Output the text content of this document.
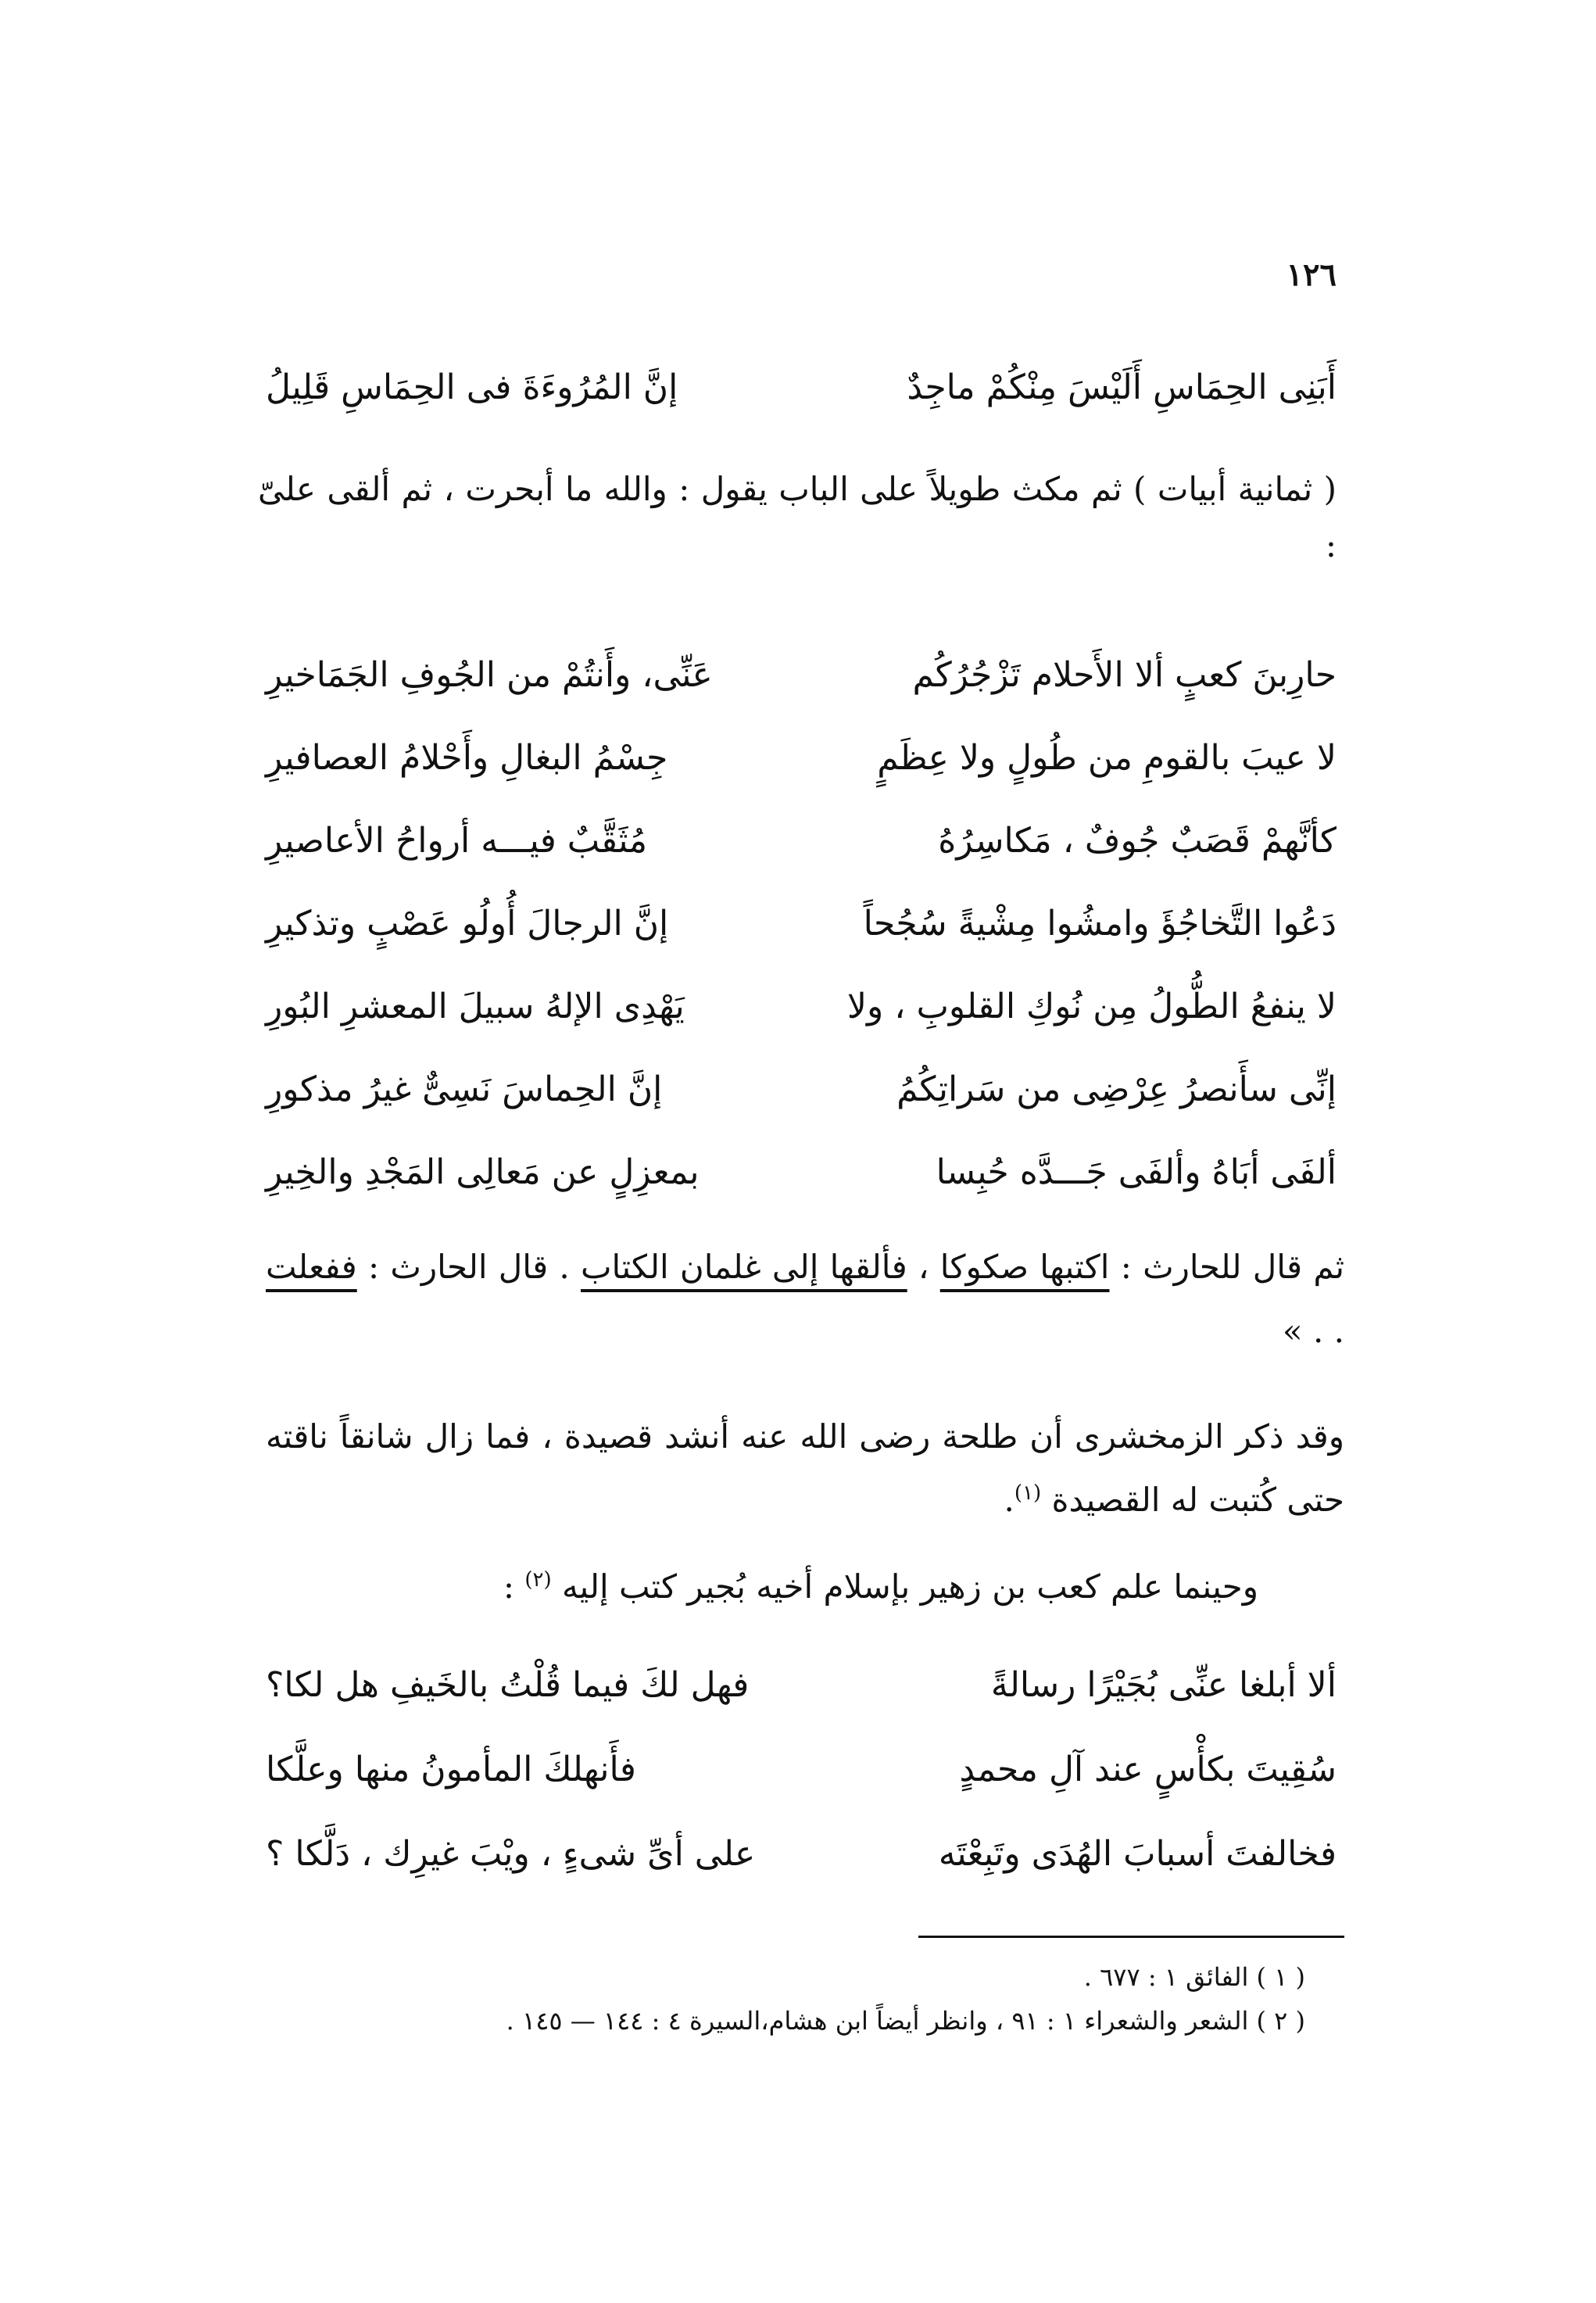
١٢٦
أَبَنِى الحِمَاسِ أَلَيْسَ مِنْكُمْ ماجِدٌ
إنَّ المُرُوءَةَ فى الحِمَاسِ قَلِيلُ
( ثمانية أبيات ) ثم مكث طويلاً على الباب يقول : والله ما أبحرت ، ثم ألقى علىّ :
حارِبنَ كعبٍ ألا الأَحلام تَزْجُرُكُم
عَنِّى، وأَنتُمْ من الجُوفِ الجَمَاخيرِ
لا عيبَ بالقومِ من طُولٍ ولا عِظَمٍ
جِسْمُ البغالِ وأَحْلامُ العصافيرِ
كأنَّهمْ قَصَبٌ جُوفٌ ، مَكاسِرُهُ
مُثَقَّبٌ فيـــه أرواحُ الأعاصيرِ
دَعُوا التَّخاجُؤَ وامشُوا مِشْيةً سُجُحاً
إنَّ الرجالَ أُولُو عَصْبٍ وتذكيرِ
لا ينفعُ الطُّولُ مِن نُوكِ القلوبِ ، ولا
يَهْدِى الإلهُ سبيلَ المعشرِ البُورِ
إنِّى سأَنصرُ عِرْضِى من سَراتِكُمُ
إنَّ الحِماسَ نَسِىٌّ غيرُ مذكورِ
ألفَى أبَاهُ وألفَى جَـــدَّه حُبِسا
بمعزِلٍ عن مَعالِى المَجْدِ والخِيرِ
ثم قال للحارث : اكتبها صكوكا ، فألقها إلى غلمان الكتاب . قال الحارث : ففعلت . . »
وقد ذكر الزمخشرى أن طلحة رضى الله عنه أنشد قصيدة ، فما زال شانقاً ناقته حتى كُتبت له القصيدة $^{(١)}$.
وحينما علم كعب بن زهير بإسلام أخيه بُجير كتب إليه $^{(٢)}$ :
ألا أبلغا عنِّى بُجَيْرًا رسالةً
فهل لكَ فيما قُلْتُ بالخَيفِ هل لكا؟
سُقِيتَ بكأْسٍ عند آلِ محمدٍ
فأَنهلكَ المأمونُ منها وعلَّكا
فخالفتَ أسبابَ الهُدَى وتَبِعْتَه
على أىِّ شىءٍ ، ويْبَ غيرِك ، دَلَّكا ؟
( ١ ) الفائق ١ : ٦٧٧ .
( ٢ ) الشعر والشعراء ١ : ٩١ ، وانظر أيضاً ابن هشام،السيرة ٤ : ١٤٤ — ١٤٥ .
